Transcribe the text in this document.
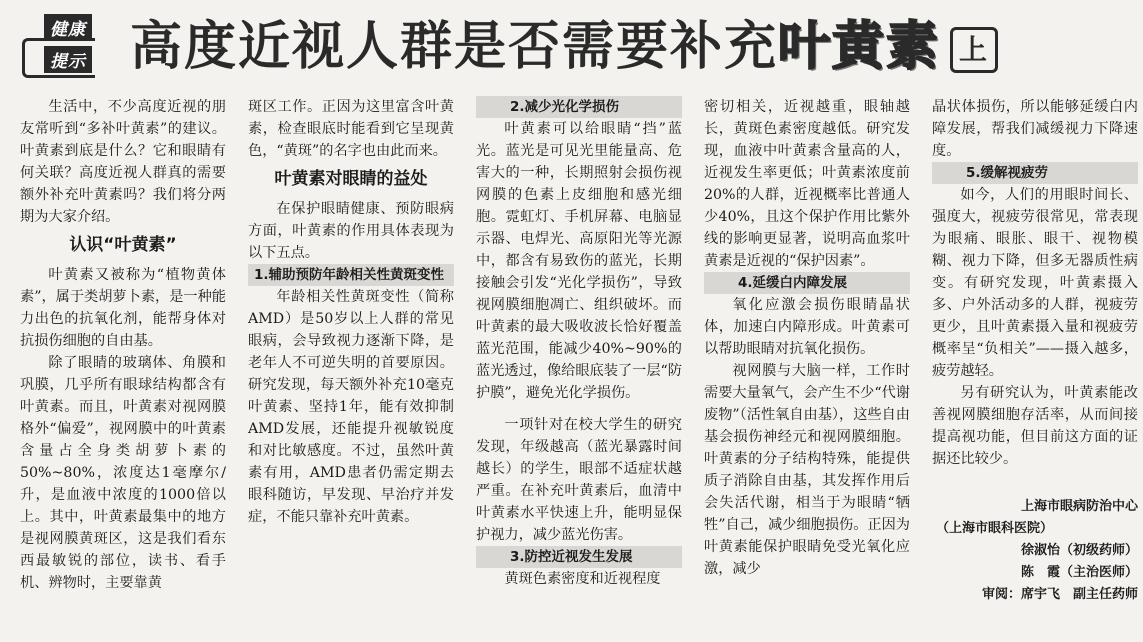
健康
提示 高度近视人群是否需要补充叶黄素 上

生活中，不少高度近视的朋友常听到“多补叶黄素”的建议。叶黄素到底是什么？它和眼睛有何关联？高度近视人群真的需要额外补充叶黄素吗？我们将分两期为大家介绍。

认识“叶黄素”

叶黄素又被称为“植物黄体素”，属于类胡萝卜素，是一种能力出色的抗氧化剂，能帮身体对抗损伤细胞的自由基。

除了眼睛的玻璃体、角膜和巩膜，几乎所有眼球结构都含有叶黄素。而且，叶黄素对视网膜格外“偏爱”，视网膜中的叶黄素含量占全身类胡萝卜素的50%~80%，浓度达1毫摩尔/升，是血液中浓度的1000倍以上。其中，叶黄素最集中的地方是视网膜黄斑区，这是我们看东西最敏锐的部位，读书、看手机、辨物时，主要靠黄

斑区工作。正因为这里富含叶黄素，检查眼底时能看到它呈现黄色，“黄斑”的名字也由此而来。

叶黄素对眼睛的益处

在保护眼睛健康、预防眼病方面，叶黄素的作用具体表现为以下五点。

1.辅助预防年龄相关性黄斑变性

年龄相关性黄斑变性（简称AMD）是50岁以上人群的常见眼病，会导致视力逐渐下降，是老年人不可逆失明的首要原因。研究发现，每天额外补充10毫克叶黄素、坚持1年，能有效抑制AMD发展，还能提升视敏锐度和对比敏感度。不过，虽然叶黄素有用，AMD患者仍需定期去眼科随访，早发现、早治疗并发症，不能只靠补充叶黄素。

2.减少光化学损伤

叶黄素可以给眼睛“挡”蓝光。蓝光是可见光里能量高、危害大的一种，长期照射会损伤视网膜的色素上皮细胞和感光细胞。霓虹灯、手机屏幕、电脑显示器、电焊光、高原阳光等光源中，都含有易致伤的蓝光，长期接触会引发“光化学损伤”，导致视网膜细胞凋亡、组织破坏。而叶黄素的最大吸收波长恰好覆盖蓝光范围，能减少40%~90%的蓝光透过，像给眼底装了一层“防护膜”，避免光化学损伤。

一项针对在校大学生的研究发现，年级越高（蓝光暴露时间越长）的学生，眼部不适症状越严重。在补充叶黄素后，血清中叶黄素水平快速上升，能明显保护视力，减少蓝光伤害。

3.防控近视发生发展

黄斑色素密度和近视程度

密切相关，近视越重，眼轴越长，黄斑色素密度越低。研究发现，血液中叶黄素含量高的人，近视发生率更低；叶黄素浓度前20%的人群，近视概率比普通人少40%，且这个保护作用比紫外线的影响更显著，说明高血浆叶黄素是近视的“保护因素”。

4.延缓白内障发展

氧化应激会损伤眼睛晶状体，加速白内障形成。叶黄素可以帮助眼睛对抗氧化损伤。

视网膜与大脑一样，工作时需要大量氧气，会产生不少“代谢废物”（活性氧自由基），这些自由基会损伤神经元和视网膜细胞。叶黄素的分子结构特殊，能提供质子消除自由基，其发挥作用后会失活代谢，相当于为眼睛“牺牲”自己，减少细胞损伤。正因为叶黄素能保护眼睛免受光氧化应激，减少

晶状体损伤，所以能够延缓白内障发展，帮我们减缓视力下降速度。

5.缓解视疲劳

如今，人们的用眼时间长、强度大，视疲劳很常见，常表现为眼痛、眼胀、眼干、视物模糊、视力下降，但多无器质性病变。有研究发现，叶黄素摄入多、户外活动多的人群，视疲劳更少，且叶黄素摄入量和视疲劳概率呈“负相关”——摄入越多，疲劳越轻。

另有研究认为，叶黄素能改善视网膜细胞存活率，从而间接提高视功能，但目前这方面的证据还比较少。

上海市眼病防治中心
（上海市眼科医院）
徐淑怡（初级药师）
陈　霞（主治医师）
审阅：席宇飞　副主任药师
